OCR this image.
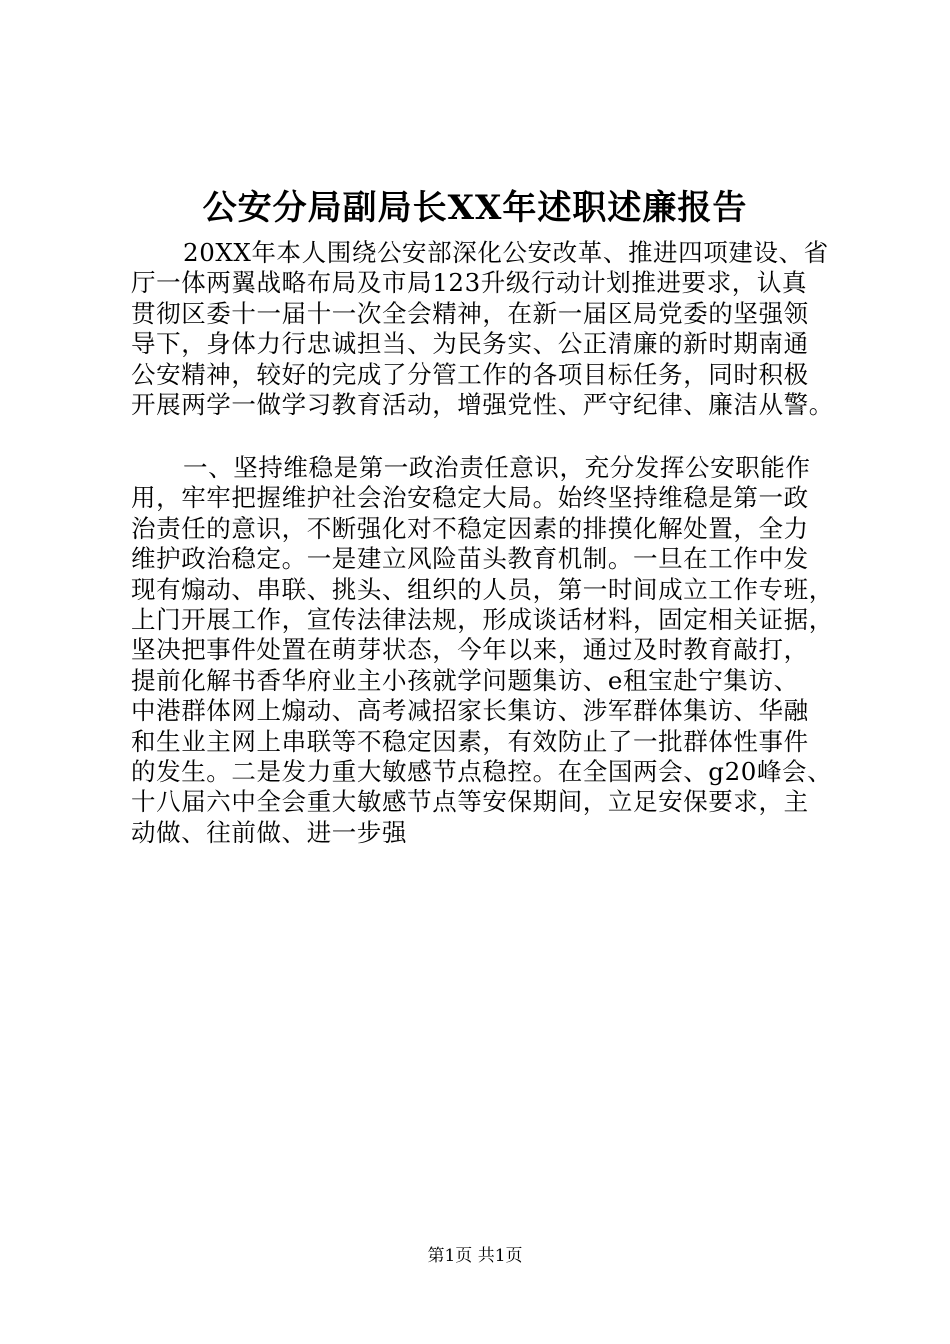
公安分局副局长XX年述职述廉报告
20XX年本人围绕公安部深化公安改革、推进四项建设、省
厅一体两翼战略布局及市局123升级行动计划推进要求，认真
贯彻区委十一届十一次全会精神，在新一届区局党委的坚强领
导下，身体力行忠诚担当、为民务实、公正清廉的新时期南通
公安精神，较好的完成了分管工作的各项目标任务，同时积极
开展两学一做学习教育活动，增强党性、严守纪律、廉洁从警。
一、坚持维稳是第一政治责任意识，充分发挥公安职能作
用，牢牢把握维护社会治安稳定大局。始终坚持维稳是第一政
治责任的意识，不断强化对不稳定因素的排摸化解处置，全力
维护政治稳定。一是建立风险苗头教育机制。一旦在工作中发
现有煽动、串联、挑头、组织的人员，第一时间成立工作专班，
上门开展工作，宣传法律法规，形成谈话材料，固定相关证据，
坚决把事件处置在萌芽状态，今年以来，通过及时教育敲打，
提前化解书香华府业主小孩就学问题集访、e租宝赴宁集访、
中港群体网上煽动、高考减招家长集访、涉军群体集访、华融
和生业主网上串联等不稳定因素，有效防止了一批群体性事件
的发生。二是发力重大敏感节点稳控。在全国两会、g20峰会、
十八届六中全会重大敏感节点等安保期间，立足安保要求，主
动做、往前做、进一步强
第1页 共1页
